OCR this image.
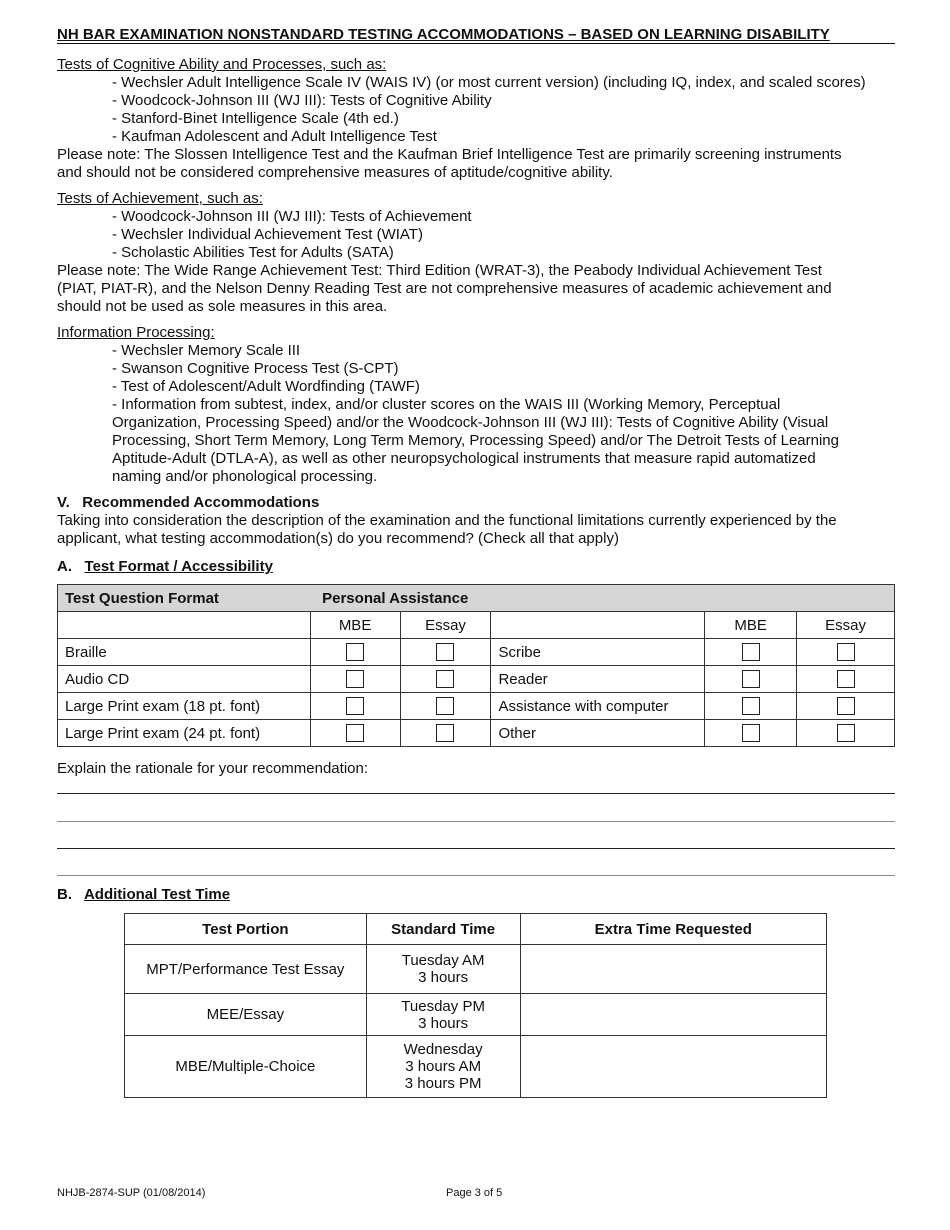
NH BAR EXAMINATION NONSTANDARD TESTING ACCOMMODATIONS – BASED ON LEARNING DISABILITY
Tests of Cognitive Ability and Processes, such as:
- Wechsler Adult Intelligence Scale IV (WAIS IV) (or most current version) (including IQ, index, and scaled scores)
- Woodcock-Johnson III (WJ III): Tests of Cognitive Ability
- Stanford-Binet Intelligence Scale (4th ed.)
- Kaufman Adolescent and Adult Intelligence Test
Please note: The Slossen Intelligence Test and the Kaufman Brief Intelligence Test are primarily screening instruments
and should not be considered comprehensive measures of aptitude/cognitive ability.
Tests of Achievement, such as:
- Woodcock-Johnson III (WJ III): Tests of Achievement
- Wechsler Individual Achievement Test (WIAT)
- Scholastic Abilities Test for Adults (SATA)
Please note: The Wide Range Achievement Test: Third Edition (WRAT-3), the Peabody Individual Achievement Test
(PIAT, PIAT-R), and the Nelson Denny Reading Test are not comprehensive measures of academic achievement and
should not be used as sole measures in this area.
Information Processing:
- Wechsler Memory Scale III
- Swanson Cognitive Process Test (S-CPT)
- Test of Adolescent/Adult Wordfinding (TAWF)
- Information from subtest, index, and/or cluster scores on the WAIS III (Working Memory, Perceptual
Organization, Processing Speed) and/or the Woodcock-Johnson III (WJ III): Tests of Cognitive Ability (Visual
Processing, Short Term Memory, Long Term Memory, Processing Speed) and/or The Detroit Tests of Learning
Aptitude-Adult (DTLA-A), as well as other neuropsychological instruments that measure rapid automatized
naming and/or phonological processing.
V.   Recommended Accommodations
Taking into consideration the description of the examination and the functional limitations currently experienced by the
applicant, what testing accommodation(s) do you recommend? (Check all that apply)
A. Test Format / Accessibility
Test Question Format	Personal Assistance				
	MBE	Essay		MBE	Essay
Braille			Scribe		
Audio CD			Reader		
Large Print exam (18 pt. font)			Assistance with computer		
Large Print exam (24 pt. font)			Other		
Explain the rationale for your recommendation:
B. Additional Test Time
Test Portion	Standard Time	Extra Time Requested
MPT/Performance Test Essay	Tuesday AM
3 hours	

MEE/Essay	Tuesday PM
3 hours	

MBE/Multiple-Choice	Wednesday
3 hours AM
3 hours PM	

NHJB-2874-SUP (01/08/2014)	Page 3 of 5
